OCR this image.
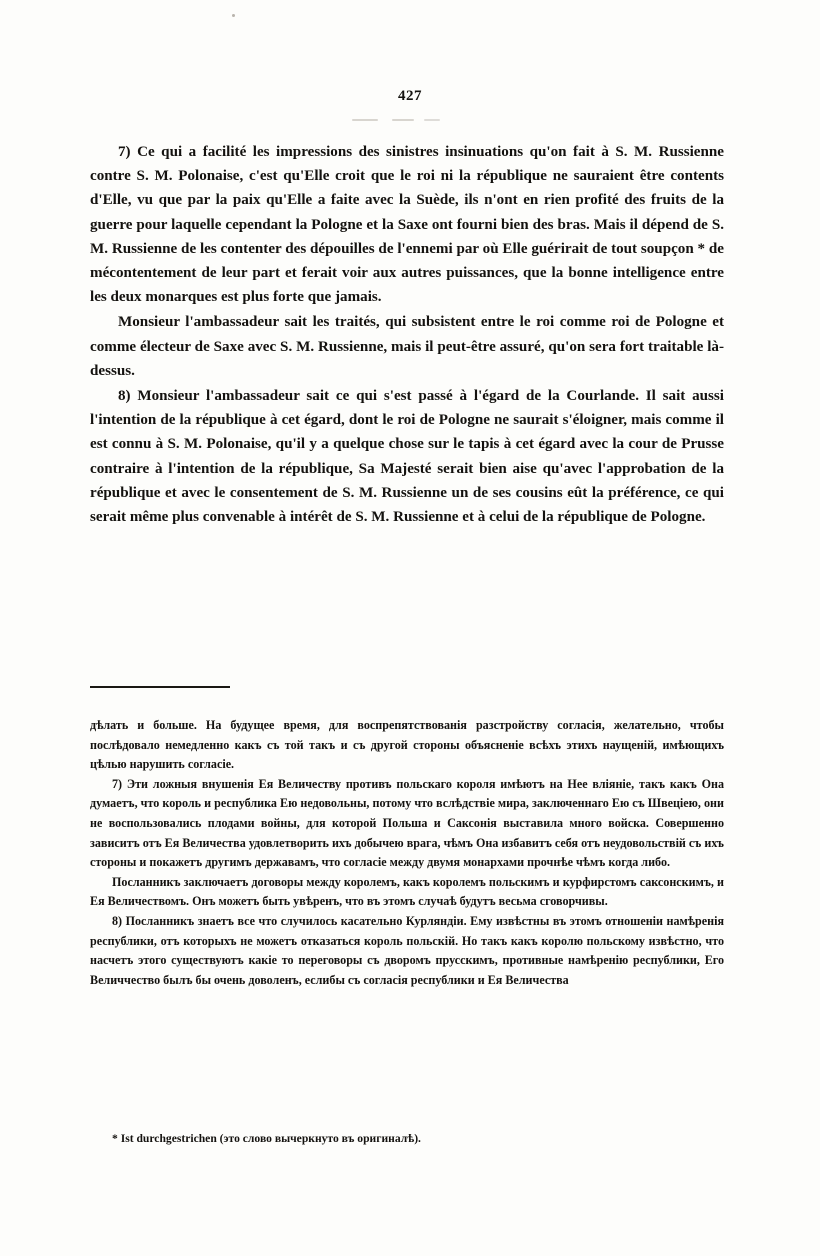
427

7) Ce qui a facilité les impressions des sinistres insinuations qu'on fait à S. M. Russienne contre S. M. Polonaise, c'est qu'Elle croit que le roi ni la république ne sauraient être contents d'Elle, vu que par la paix qu'Elle a faite avec la Suède, ils n'ont en rien profité des fruits de la guerre pour laquelle cependant la Pologne et la Saxe ont fourni bien des bras. Mais il dépend de S. M. Russienne de les contenter des dépouilles de l'ennemi par où Elle guérirait de tout soupçon * de mécontentement de leur part et ferait voir aux autres puissances, que la bonne intelligence entre les deux monarques est plus forte que jamais.

Monsieur l'ambassadeur sait les traités, qui subsistent entre le roi comme roi de Pologne et comme électeur de Saxe avec S. M. Russienne, mais il peut-être assuré, qu'on sera fort traitable là-dessus.

8) Monsieur l'ambassadeur sait ce qui s'est passé à l'égard de la Courlande. Il sait aussi l'intention de la république à cet égard, dont le roi de Pologne ne saurait s'éloigner, mais comme il est connu à S. M. Polonaise, qu'il y a quelque chose sur le tapis à cet égard avec la cour de Prusse contraire à l'intention de la république, Sa Majesté serait bien aise qu'avec l'approbation de la république et avec le consentement de S. M. Russienne un de ses cousins eût la préférence, ce qui serait même plus convenable à intérêt de S. M. Russienne et à celui de la république de Pologne.

дѣлать и больше. На будущее время, для воспрепятствованія разстройству согласія, желательно, чтобы послѣдовало немедленно какъ съ той такъ и съ другой стороны объясненіе всѣхъ этихъ наущеній, имѣющихъ цѣлью нарушить согласіе.

7) Эти ложныя внушенія Ея Величеству противъ польскаго короля имѣютъ на Нее вліяніе, такъ какъ Она думаетъ, что король и республика Ею недовольны, потому что вслѣдствіе мира, заключеннаго Ею съ Швеціею, они не воспользовались плодами войны, для которой Польша и Саксонія выставила много войска. Совершенно зависитъ отъ Ея Величества удовлетворить ихъ добычею врага, чѣмъ Она избавитъ себя отъ неудовольствій съ ихъ стороны и покажетъ другимъ державамъ, что согласіе между двумя монархами прочнѣе чѣмъ когда либо.

Посланникъ заключаетъ договоры между королемъ, какъ королемъ польскимъ и курфирстомъ саксонскимъ, и Ея Величествомъ. Онъ можетъ быть увѣренъ, что въ этомъ случаѣ будутъ весьма сговорчивы.

8) Посланникъ знаетъ все что случилось касательно Курляндіи. Ему извѣстны въ этомъ отношеніи намѣренія республики, отъ которыхъ не можетъ отказаться король польскій. Но такъ какъ королю польскому извѣстно, что насчетъ этого существуютъ какіе то переговоры съ дворомъ прусскимъ, противные намѣренію республики, Его Величчество былъ бы очень доволенъ, еслибы съ согласія республики и Ея Величества

* Ist durchgestrichen (это слово вычеркнуто въ оригиналѣ).
